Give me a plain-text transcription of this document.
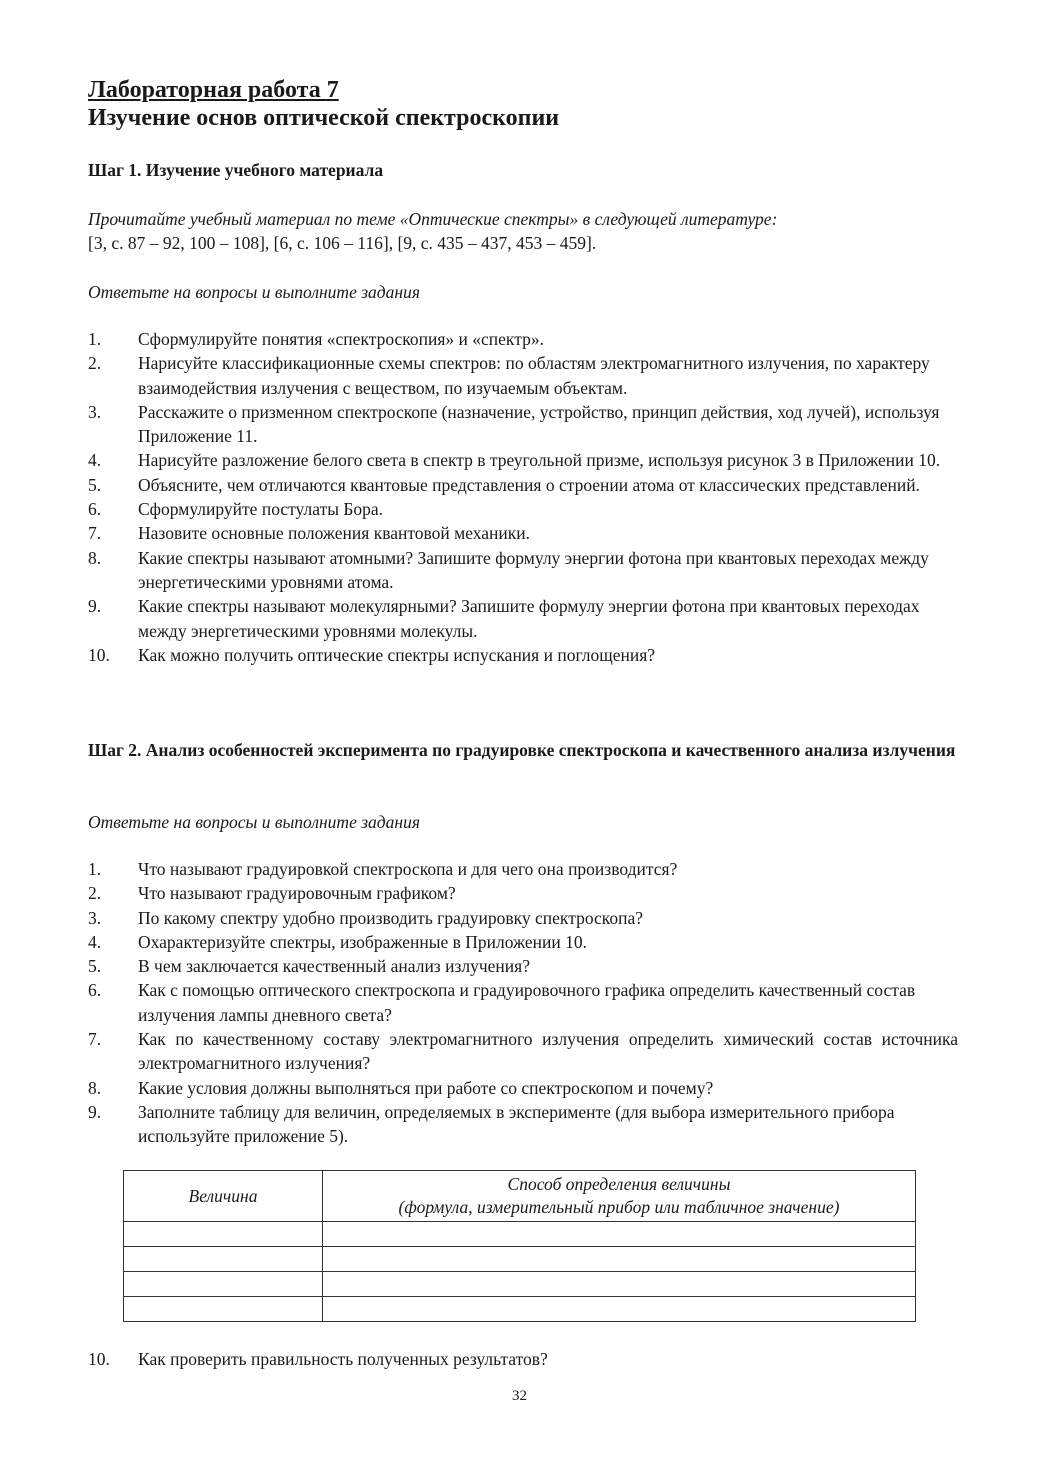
Лабораторная работа 7
Изучение основ оптической спектроскопии
Шаг 1. Изучение учебного материала
Прочитайте учебный материал по теме «Оптические спектры» в следующей литературе:
[3, с. 87 – 92, 100 – 108], [6, с. 106 – 116], [9, с. 435 – 437, 453 – 459].
Ответьте на вопросы и выполните задания
1. Сформулируйте понятия «спектроскопия» и «спектр».
2. Нарисуйте классификационные схемы спектров: по областям электромагнитного излучения, по характеру взаимодействия излучения с веществом, по изучаемым объектам.
3. Расскажите о призменном спектроскопе (назначение, устройство, принцип действия, ход лучей), используя Приложение 11.
4. Нарисуйте разложение белого света в спектр в треугольной призме, используя рисунок 3 в Приложении 10.
5. Объясните, чем отличаются квантовые представления о строении атома от классических представлений.
6. Сформулируйте постулаты Бора.
7. Назовите основные положения квантовой механики.
8. Какие спектры называют атомными? Запишите формулу энергии фотона при квантовых переходах между энергетическими уровнями атома.
9. Какие спектры называют молекулярными? Запишите формулу энергии фотона при квантовых переходах между энергетическими уровнями молекулы.
10. Как можно получить оптические спектры испускания и поглощения?
Шаг 2. Анализ особенностей эксперимента по градуировке спектроскопа и качественного анализа излучения
Ответьте на вопросы и выполните задания
1. Что называют градуировкой спектроскопа и для чего она производится?
2. Что называют градуировочным графиком?
3. По какому спектру удобно производить градуировку спектроскопа?
4. Охарактеризуйте спектры, изображенные в Приложении 10.
5. В чем заключается качественный анализ излучения?
6. Как с помощью оптического спектроскопа и градуировочного графика определить качественный состав излучения лампы дневного света?
7. Как по качественному составу электромагнитного излучения определить химический состав источника электромагнитного излучения?
8. Какие условия должны выполняться при работе со спектроскопом и почему?
9. Заполните таблицу для величин, определяемых в эксперименте (для выбора измерительного прибора используйте приложение 5).
Величина	Способ определения величины
(формула, измерительный прибор или табличное значение)

10. Как проверить правильность полученных результатов?
32
